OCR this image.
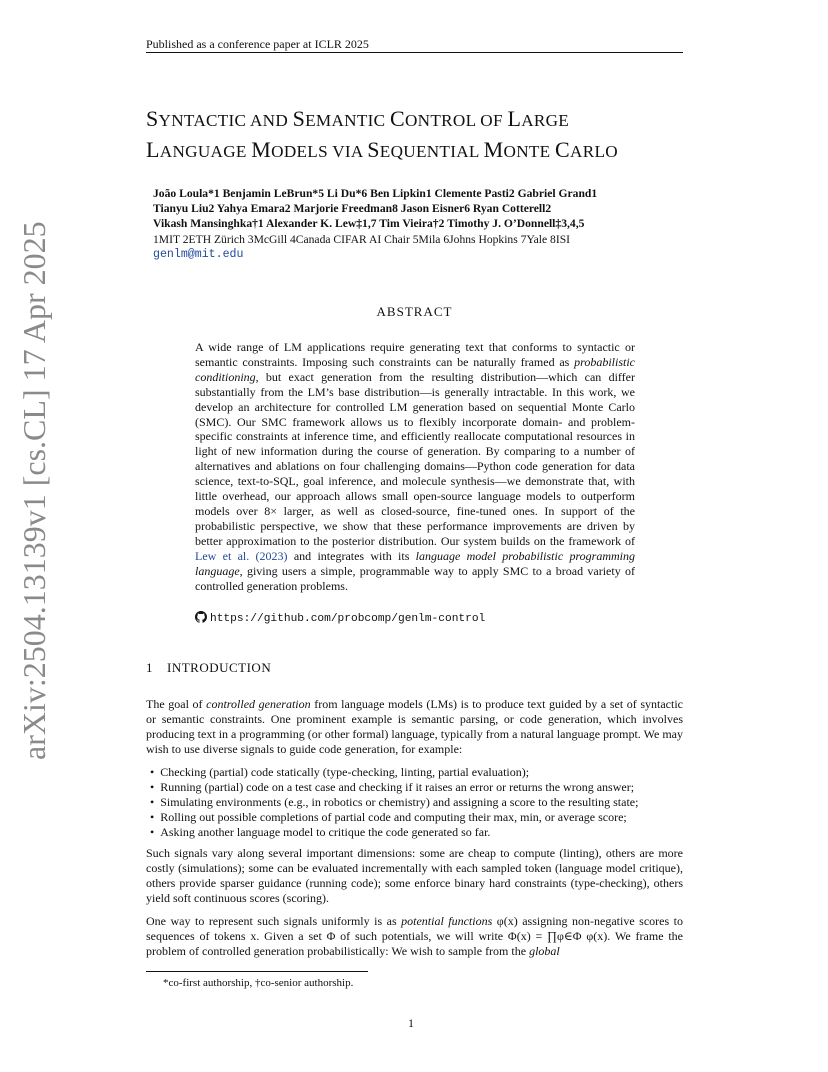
Published as a conference paper at ICLR 2025
arXiv:2504.13139v1 [cs.CL] 17 Apr 2025
SYNTACTIC AND SEMANTIC CONTROL OF LARGE
LANGUAGE MODELS VIA SEQUENTIAL MONTE CARLO
João Loula*1 Benjamin LeBrun*5 Li Du*6 Ben Lipkin1 Clemente Pasti2 Gabriel Grand1
Tianyu Liu2 Yahya Emara2 Marjorie Freedman8 Jason Eisner6 Ryan Cotterell2
Vikash Mansinghka†1 Alexander K. Lew‡1,7 Tim Vieira†2 Timothy J. O’Donnell‡3,4,5
1MIT 2ETH Zürich 3McGill 4Canada CIFAR AI Chair 5Mila 6Johns Hopkins 7Yale 8ISI
genlm@mit.edu
ABSTRACT
A wide range of LM applications require generating text that conforms to syntactic or semantic constraints. Imposing such constraints can be naturally framed as probabilistic conditioning, but exact generation from the resulting distribution—which can differ substantially from the LM’s base distribution—is generally intractable. In this work, we develop an architecture for controlled LM generation based on sequential Monte Carlo (SMC). Our SMC framework allows us to flexibly incorporate domain- and problem-specific constraints at inference time, and efficiently reallocate computational resources in light of new information during the course of generation. By comparing to a number of alternatives and ablations on four challenging domains—Python code generation for data science, text-to-SQL, goal inference, and molecule synthesis—we demonstrate that, with little overhead, our approach allows small open-source language models to outperform models over 8× larger, as well as closed-source, fine-tuned ones. In support of the probabilistic perspective, we show that these performance improvements are driven by better approximation to the posterior distribution. Our system builds on the framework of Lew et al. (2023) and integrates with its language model probabilistic programming language, giving users a simple, programmable way to apply SMC to a broad variety of controlled generation problems.
https://github.com/probcomp/genlm-control
1 INTRODUCTION
The goal of controlled generation from language models (LMs) is to produce text guided by a set of syntactic or semantic constraints. One prominent example is semantic parsing, or code generation, which involves producing text in a programming (or other formal) language, typically from a natural language prompt. We may wish to use diverse signals to guide code generation, for example:
•  Checking (partial) code statically (type-checking, linting, partial evaluation);
•  Running (partial) code on a test case and checking if it raises an error or returns the wrong answer;
•  Simulating environments (e.g., in robotics or chemistry) and assigning a score to the resulting state;
•  Rolling out possible completions of partial code and computing their max, min, or average score;
•  Asking another language model to critique the code generated so far.
Such signals vary along several important dimensions: some are cheap to compute (linting), others are more costly (simulations); some can be evaluated incrementally with each sampled token (language model critique), others provide sparser guidance (running code); some enforce binary hard constraints (type-checking), others yield soft continuous scores (scoring).
One way to represent such signals uniformly is as potential functions φ(x) assigning non-negative scores to sequences of tokens x. Given a set Φ of such potentials, we will write Φ(x) = ∏φ∈Φ φ(x). We frame the problem of controlled generation probabilistically: We wish to sample from the global
*co-first authorship, †co-senior authorship.
1
